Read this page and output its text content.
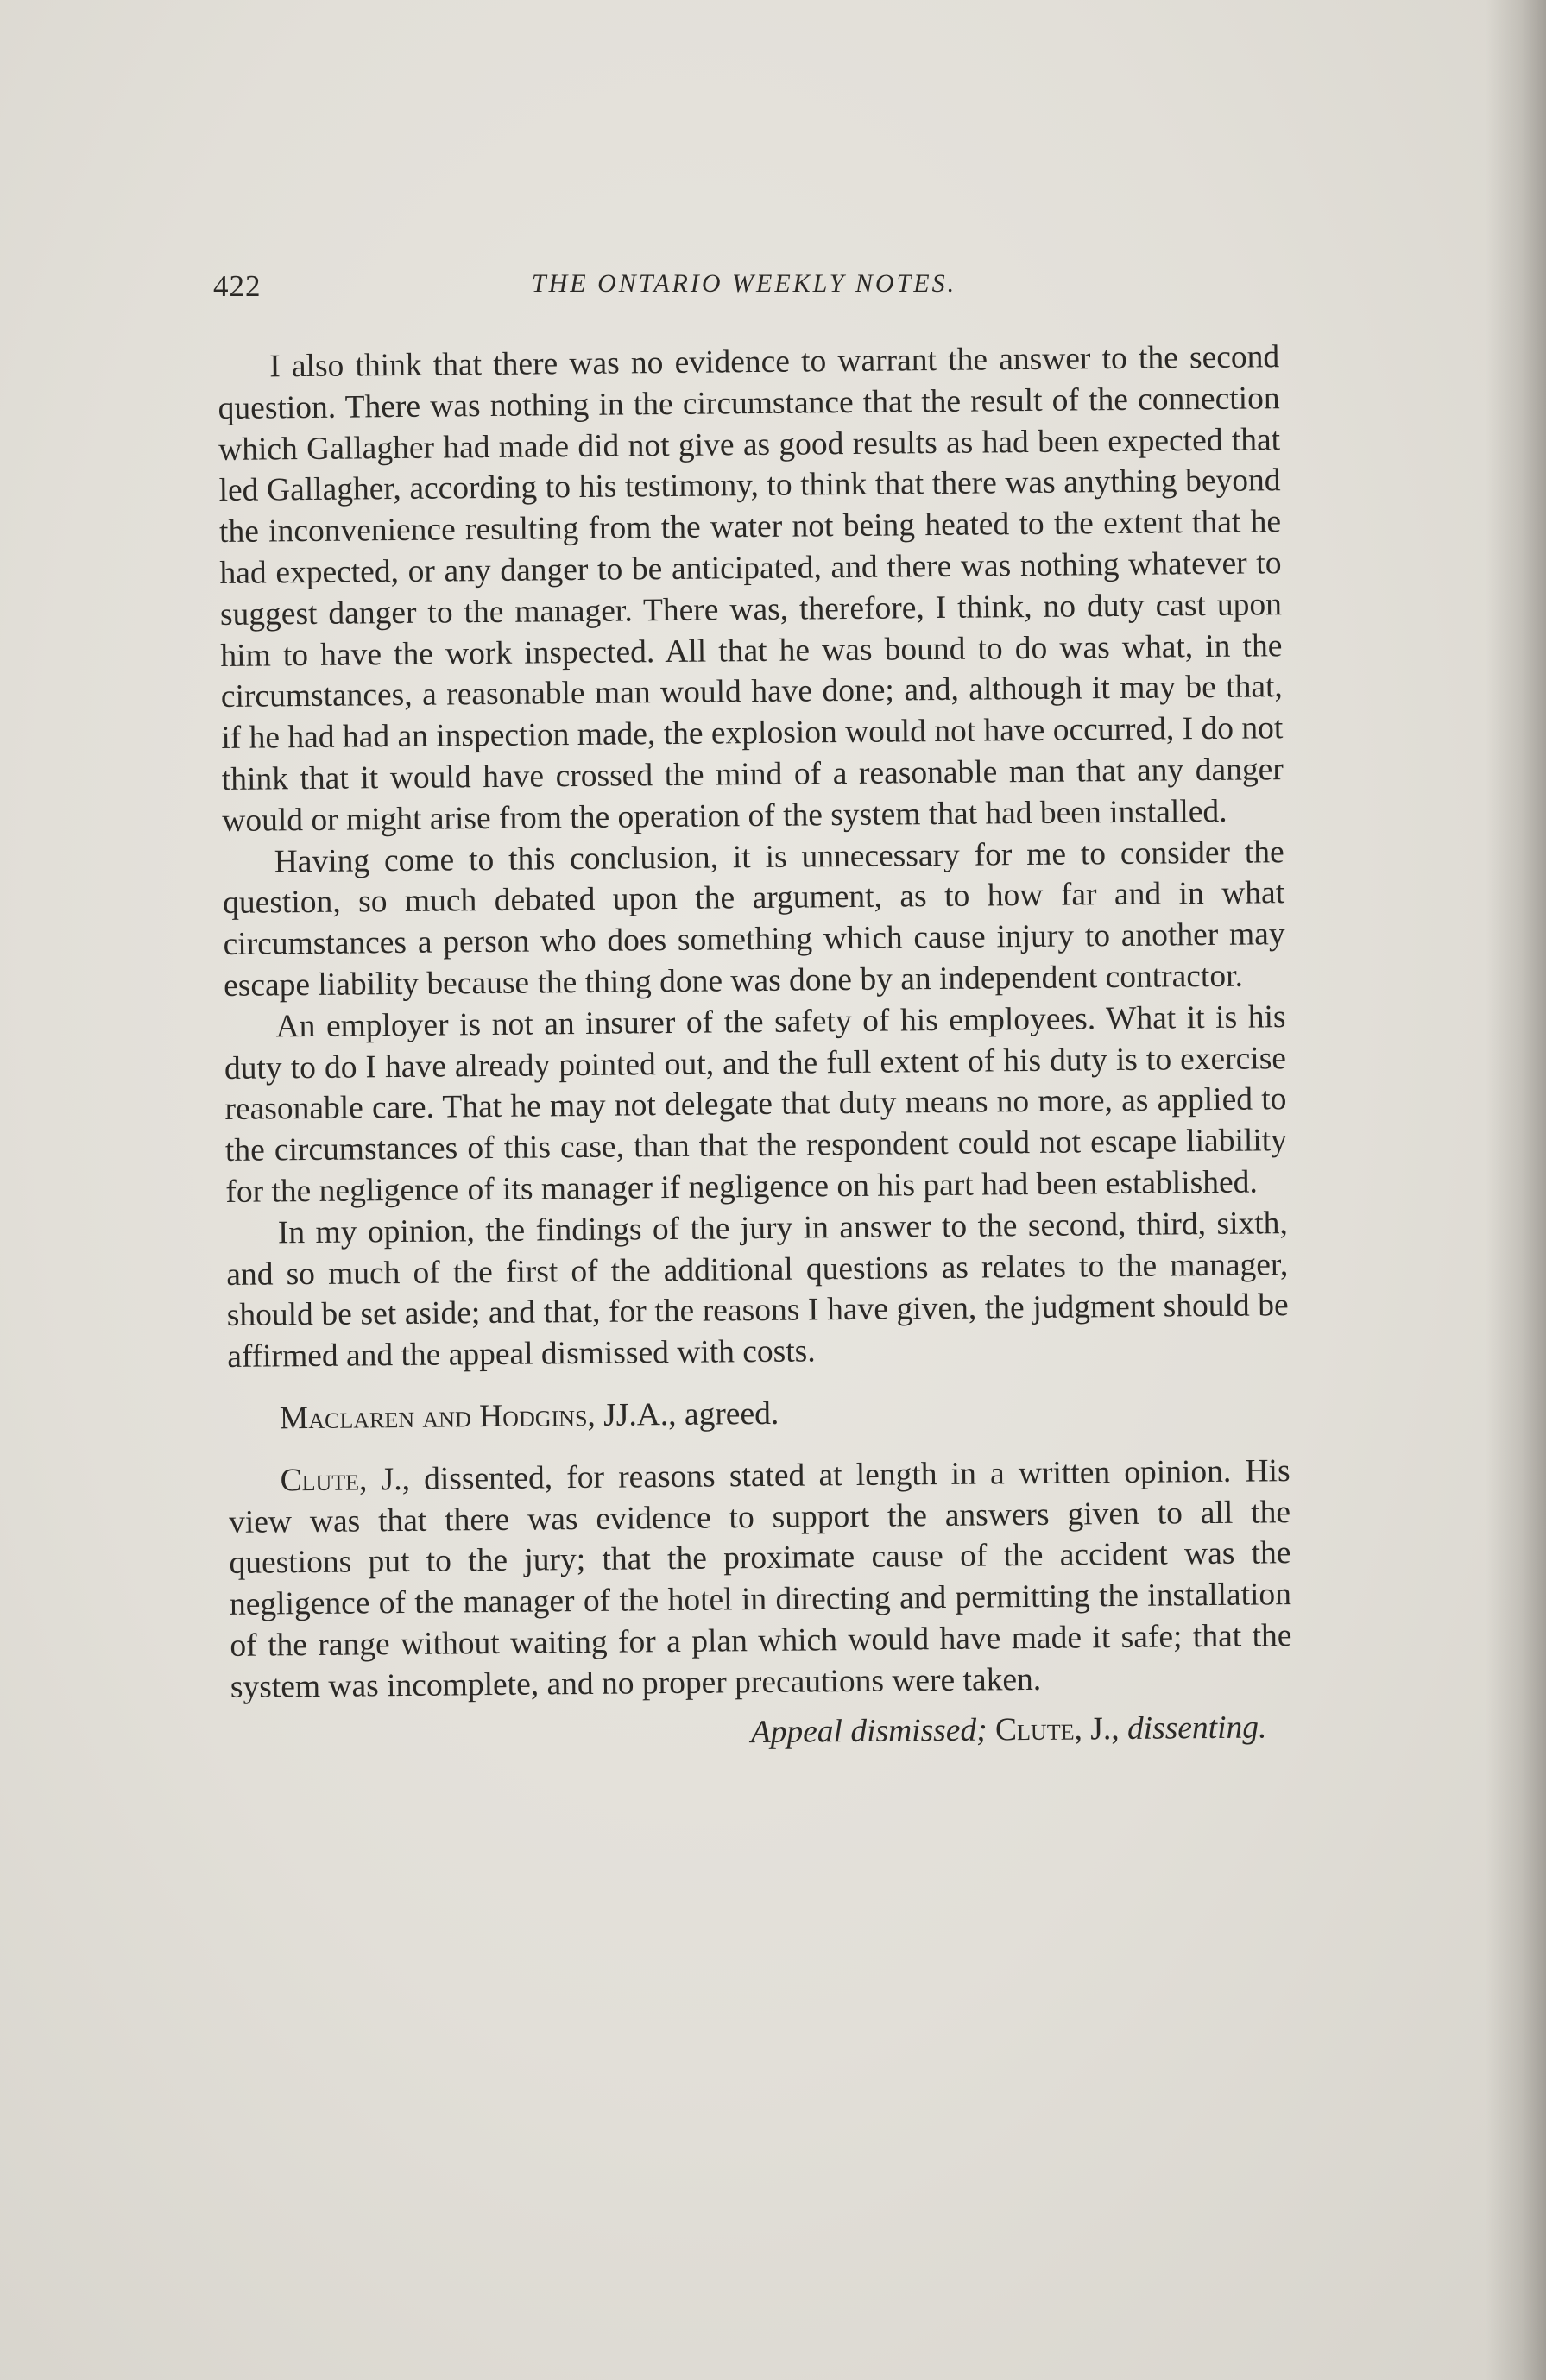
422	THE ONTARIO WEEKLY NOTES.

I also think that there was no evidence to warrant the answer to the second question. There was nothing in the circumstance that the result of the connection which Gallagher had made did not give as good results as had been expected that led Gallagher, according to his testimony, to think that there was anything beyond the inconvenience resulting from the water not being heated to the extent that he had expected, or any danger to be anticipated, and there was nothing whatever to suggest danger to the manager. There was, therefore, I think, no duty cast upon him to have the work inspected. All that he was bound to do was what, in the circumstances, a reasonable man would have done; and, although it may be that, if he had had an inspection made, the explosion would not have occurred, I do not think that it would have crossed the mind of a reasonable man that any danger would or might arise from the operation of the system that had been installed.

Having come to this conclusion, it is unnecessary for me to consider the question, so much debated upon the argument, as to how far and in what circumstances a person who does something which cause injury to another may escape liability because the thing done was done by an independent contractor.

An employer is not an insurer of the safety of his employees. What it is his duty to do I have already pointed out, and the full extent of his duty is to exercise reasonable care. That he may not delegate that duty means no more, as applied to the circumstances of this case, than that the respondent could not escape liability for the negligence of its manager if negligence on his part had been established.

In my opinion, the findings of the jury in answer to the second, third, sixth, and so much of the first of the additional questions as relates to the manager, should be set aside; and that, for the reasons I have given, the judgment should be affirmed and the appeal dismissed with costs.

Maclaren and Hodgins, JJ.A., agreed.

Clute, J., dissented, for reasons stated at length in a written opinion. His view was that there was evidence to support the answers given to all the questions put to the jury; that the proximate cause of the accident was the negligence of the manager of the hotel in directing and permitting the installation of the range without waiting for a plan which would have made it safe; that the system was incomplete, and no proper precautions were taken.

Appeal dismissed; Clute, J., dissenting.
